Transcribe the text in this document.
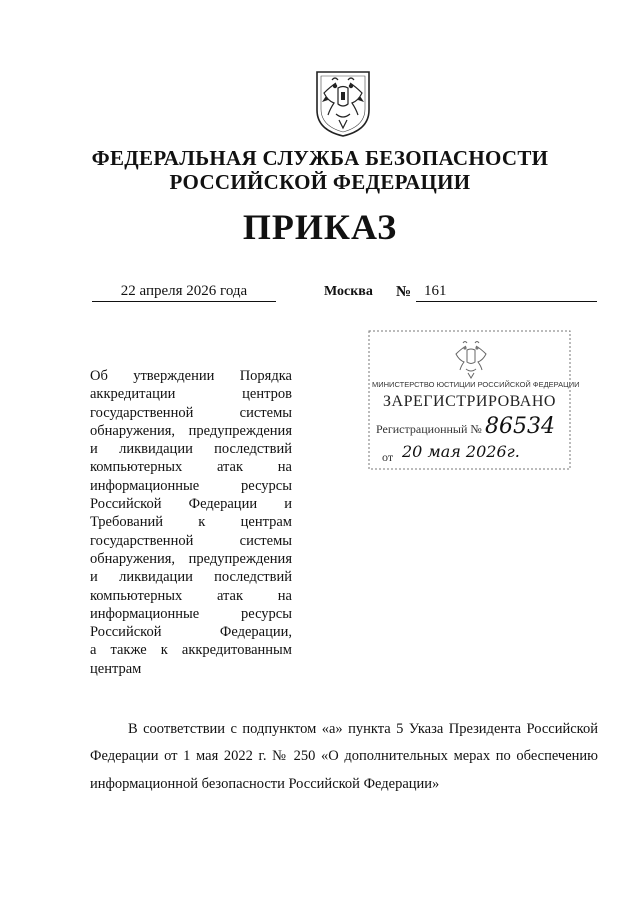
ФЕДЕРАЛЬНАЯ СЛУЖБА БЕЗОПАСНОСТИ
РОССИЙСКОЙ ФЕДЕРАЦИИ
ПРИКАЗ
22 апреля 2026 года	Москва № 161
МИНИСТЕРСТВО ЮСТИЦИИ РОССИЙСКОЙ ФЕДЕРАЦИИ
ЗАРЕГИСТРИРОВАНО
Регистрационный № 86534
от 20 мая 2026г.
Об утверждении Порядка
аккредитации	центров
государственной	системы
обнаружения, предупреждения
и ликвидации последствий
компьютерных атак на
информационные	ресурсы
Российской Федерации и
Требований к центрам
государственной	системы
обнаружения, предупреждения
и ликвидации последствий
компьютерных атак на
информационные	ресурсы
Российской	Федерации,
а также к аккредитованным
центрам

В соответствии с подпунктом «а» пункта 5 Указа Президента Российской Федерации от 1 мая 2022 г. № 250 «О дополнительных мерах по обеспечению информационной безопасности Российской Федерации»
